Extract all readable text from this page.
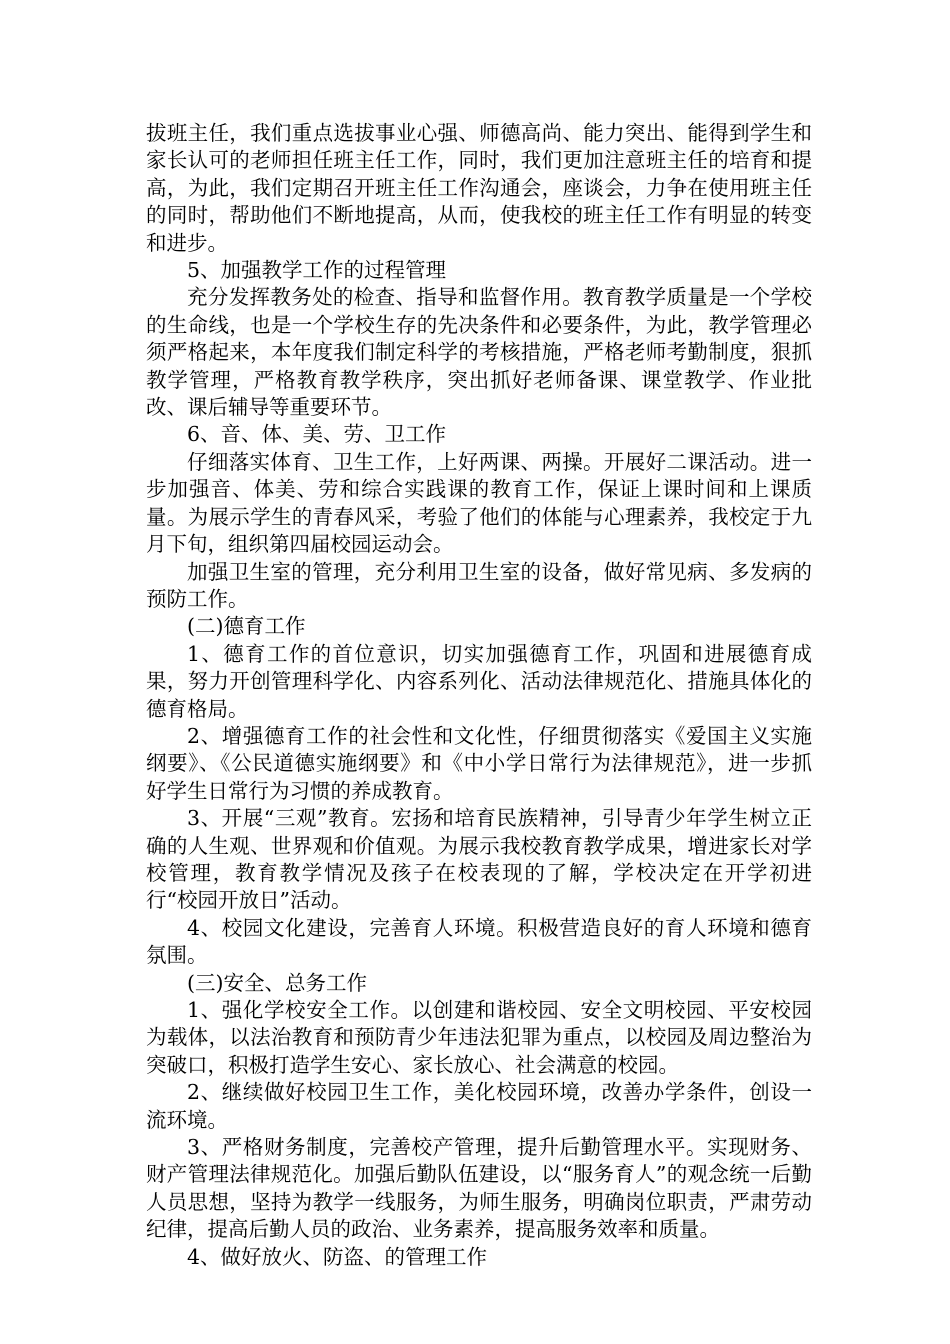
拔班主任，我们重点选拔事业心强、师德高尚、能力突出、能得到学生和家长认可的老师担任班主任工作，同时，我们更加注意班主任的培育和提高，为此，我们定期召开班主任工作沟通会，座谈会，力争在使用班主任的同时，帮助他们不断地提高，从而，使我校的班主任工作有明显的转变和进步。

5、加强教学工作的过程管理

充分发挥教务处的检查、指导和监督作用。教育教学质量是一个学校的生命线，也是一个学校生存的先决条件和必要条件，为此，教学管理必须严格起来，本年度我们制定科学的考核措施，严格老师考勤制度，狠抓教学管理，严格教育教学秩序，突出抓好老师备课、课堂教学、作业批改、课后辅导等重要环节。

6、音、体、美、劳、卫工作

仔细落实体育、卫生工作，上好两课、两操。开展好二课活动。进一步加强音、体美、劳和综合实践课的教育工作，保证上课时间和上课质量。为展示学生的青春风采，考验了他们的体能与心理素养，我校定于九月下旬，组织第四届校园运动会。

加强卫生室的管理，充分利用卫生室的设备，做好常见病、多发病的预防工作。

(二)德育工作

1、德育工作的首位意识，切实加强德育工作，巩固和进展德育成果，努力开创管理科学化、内容系列化、活动法律规范化、措施具体化的德育格局。

2、增强德育工作的社会性和文化性，仔细贯彻落实《爱国主义实施纲要》、《公民道德实施纲要》和《中小学日常行为法律规范》，进一步抓好学生日常行为习惯的养成教育。

3、开展“三观”教育。宏扬和培育民族精神，引导青少年学生树立正确的人生观、世界观和价值观。为展示我校教育教学成果，增进家长对学校管理，教育教学情况及孩子在校表现的了解，学校决定在开学初进行“校园开放日”活动。

4、校园文化建设，完善育人环境。积极营造良好的育人环境和德育氛围。

(三)安全、总务工作

1、强化学校安全工作。以创建和谐校园、安全文明校园、平安校园为载体，以法治教育和预防青少年违法犯罪为重点，以校园及周边整治为突破口，积极打造学生安心、家长放心、社会满意的校园。

2、继续做好校园卫生工作，美化校园环境，改善办学条件，创设一流环境。

3、严格财务制度，完善校产管理，提升后勤管理水平。实现财务、财产管理法律规范化。加强后勤队伍建设，以“服务育人”的观念统一后勤人员思想，坚持为教学一线服务，为师生服务，明确岗位职责，严肃劳动纪律，提高后勤人员的政治、业务素养，提高服务效率和质量。

4、做好放火、防盗、的管理工作
